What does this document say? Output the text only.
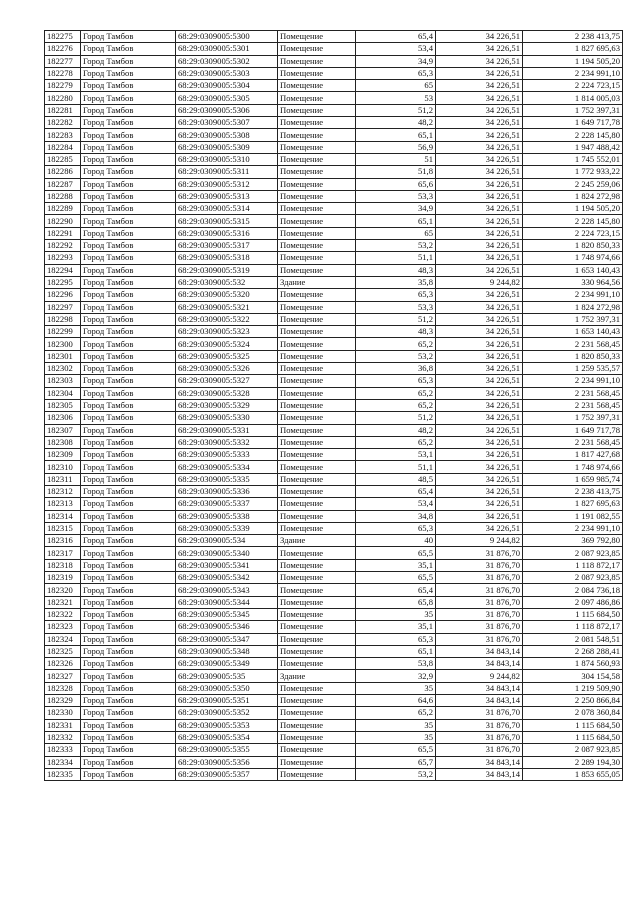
182275	Город Тамбов	68:29:0309005:5300	Помещение	65,4	34 226,51	2 238 413,75
182276	Город Тамбов	68:29:0309005:5301	Помещение	53,4	34 226,51	1 827 695,63
182277	Город Тамбов	68:29:0309005:5302	Помещение	34,9	34 226,51	1 194 505,20
182278	Город Тамбов	68:29:0309005:5303	Помещение	65,3	34 226,51	2 234 991,10
182279	Город Тамбов	68:29:0309005:5304	Помещение	65	34 226,51	2 224 723,15
182280	Город Тамбов	68:29:0309005:5305	Помещение	53	34 226,51	1 814 005,03
182281	Город Тамбов	68:29:0309005:5306	Помещение	51,2	34 226,51	1 752 397,31
182282	Город Тамбов	68:29:0309005:5307	Помещение	48,2	34 226,51	1 649 717,78
182283	Город Тамбов	68:29:0309005:5308	Помещение	65,1	34 226,51	2 228 145,80
182284	Город Тамбов	68:29:0309005:5309	Помещение	56,9	34 226,51	1 947 488,42
182285	Город Тамбов	68:29:0309005:5310	Помещение	51	34 226,51	1 745 552,01
182286	Город Тамбов	68:29:0309005:5311	Помещение	51,8	34 226,51	1 772 933,22
182287	Город Тамбов	68:29:0309005:5312	Помещение	65,6	34 226,51	2 245 259,06
182288	Город Тамбов	68:29:0309005:5313	Помещение	53,3	34 226,51	1 824 272,98
182289	Город Тамбов	68:29:0309005:5314	Помещение	34,9	34 226,51	1 194 505,20
182290	Город Тамбов	68:29:0309005:5315	Помещение	65,1	34 226,51	2 228 145,80
182291	Город Тамбов	68:29:0309005:5316	Помещение	65	34 226,51	2 224 723,15
182292	Город Тамбов	68:29:0309005:5317	Помещение	53,2	34 226,51	1 820 850,33
182293	Город Тамбов	68:29:0309005:5318	Помещение	51,1	34 226,51	1 748 974,66
182294	Город Тамбов	68:29:0309005:5319	Помещение	48,3	34 226,51	1 653 140,43
182295	Город Тамбов	68:29:0309005:532	Здание	35,8	9 244,82	330 964,56
182296	Город Тамбов	68:29:0309005:5320	Помещение	65,3	34 226,51	2 234 991,10
182297	Город Тамбов	68:29:0309005:5321	Помещение	53,3	34 226,51	1 824 272,98
182298	Город Тамбов	68:29:0309005:5322	Помещение	51,2	34 226,51	1 752 397,31
182299	Город Тамбов	68:29:0309005:5323	Помещение	48,3	34 226,51	1 653 140,43
182300	Город Тамбов	68:29:0309005:5324	Помещение	65,2	34 226,51	2 231 568,45
182301	Город Тамбов	68:29:0309005:5325	Помещение	53,2	34 226,51	1 820 850,33
182302	Город Тамбов	68:29:0309005:5326	Помещение	36,8	34 226,51	1 259 535,57
182303	Город Тамбов	68:29:0309005:5327	Помещение	65,3	34 226,51	2 234 991,10
182304	Город Тамбов	68:29:0309005:5328	Помещение	65,2	34 226,51	2 231 568,45
182305	Город Тамбов	68:29:0309005:5329	Помещение	65,2	34 226,51	2 231 568,45
182306	Город Тамбов	68:29:0309005:5330	Помещение	51,2	34 226,51	1 752 397,31
182307	Город Тамбов	68:29:0309005:5331	Помещение	48,2	34 226,51	1 649 717,78
182308	Город Тамбов	68:29:0309005:5332	Помещение	65,2	34 226,51	2 231 568,45
182309	Город Тамбов	68:29:0309005:5333	Помещение	53,1	34 226,51	1 817 427,68
182310	Город Тамбов	68:29:0309005:5334	Помещение	51,1	34 226,51	1 748 974,66
182311	Город Тамбов	68:29:0309005:5335	Помещение	48,5	34 226,51	1 659 985,74
182312	Город Тамбов	68:29:0309005:5336	Помещение	65,4	34 226,51	2 238 413,75
182313	Город Тамбов	68:29:0309005:5337	Помещение	53,4	34 226,51	1 827 695,63
182314	Город Тамбов	68:29:0309005:5338	Помещение	34,8	34 226,51	1 191 082,55
182315	Город Тамбов	68:29:0309005:5339	Помещение	65,3	34 226,51	2 234 991,10
182316	Город Тамбов	68:29:0309005:534	Здание	40	9 244,82	369 792,80
182317	Город Тамбов	68:29:0309005:5340	Помещение	65,5	31 876,70	2 087 923,85
182318	Город Тамбов	68:29:0309005:5341	Помещение	35,1	31 876,70	1 118 872,17
182319	Город Тамбов	68:29:0309005:5342	Помещение	65,5	31 876,70	2 087 923,85
182320	Город Тамбов	68:29:0309005:5343	Помещение	65,4	31 876,70	2 084 736,18
182321	Город Тамбов	68:29:0309005:5344	Помещение	65,8	31 876,70	2 097 486,86
182322	Город Тамбов	68:29:0309005:5345	Помещение	35	31 876,70	1 115 684,50
182323	Город Тамбов	68:29:0309005:5346	Помещение	35,1	31 876,70	1 118 872,17
182324	Город Тамбов	68:29:0309005:5347	Помещение	65,3	31 876,70	2 081 548,51
182325	Город Тамбов	68:29:0309005:5348	Помещение	65,1	34 843,14	2 268 288,41
182326	Город Тамбов	68:29:0309005:5349	Помещение	53,8	34 843,14	1 874 560,93
182327	Город Тамбов	68:29:0309005:535	Здание	32,9	9 244,82	304 154,58
182328	Город Тамбов	68:29:0309005:5350	Помещение	35	34 843,14	1 219 509,90
182329	Город Тамбов	68:29:0309005:5351	Помещение	64,6	34 843,14	2 250 866,84
182330	Город Тамбов	68:29:0309005:5352	Помещение	65,2	31 876,70	2 078 360,84
182331	Город Тамбов	68:29:0309005:5353	Помещение	35	31 876,70	1 115 684,50
182332	Город Тамбов	68:29:0309005:5354	Помещение	35	31 876,70	1 115 684,50
182333	Город Тамбов	68:29:0309005:5355	Помещение	65,5	31 876,70	2 087 923,85
182334	Город Тамбов	68:29:0309005:5356	Помещение	65,7	34 843,14	2 289 194,30
182335	Город Тамбов	68:29:0309005:5357	Помещение	53,2	34 843,14	1 853 655,05
